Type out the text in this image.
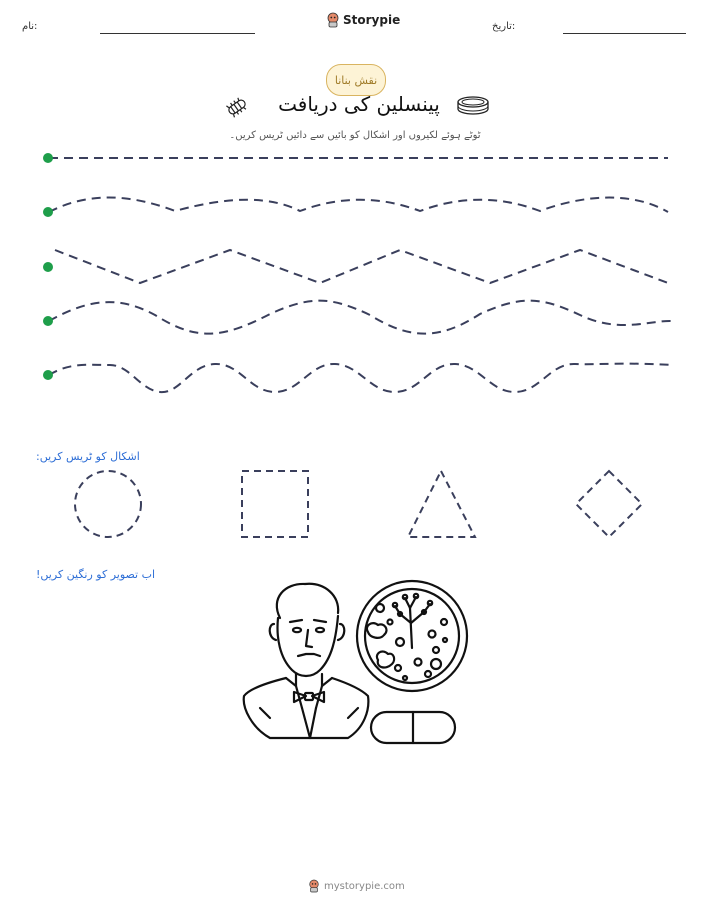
نام:	Storypie	تاریخ:
نقش بنانا
پینسلین کی دریافت
ٹوٹے ہوئے لکیروں اور اشکال کو بائیں سے دائیں ٹریس کریں۔
اشکال کو ٹریس کریں:
اب تصویر کو رنگین کریں!
mystorypie.com
